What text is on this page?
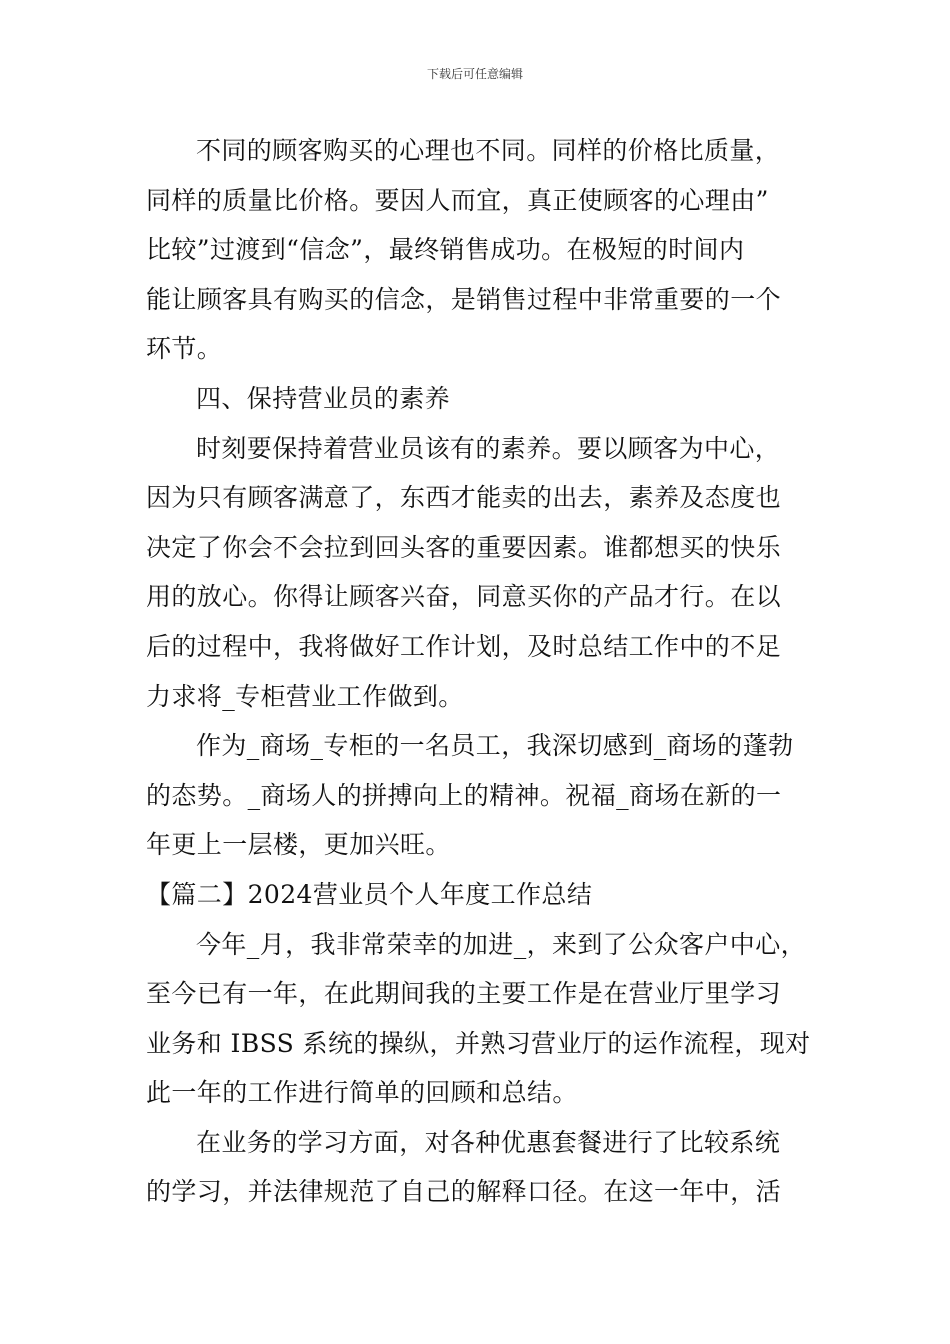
下载后可任意编辑
不同的顾客购买的心理也不同。同样的价格比质量，
同样的质量比价格。要因人而宜，真正使顾客的心理由”
比较”过渡到“信念”，最终销售成功。在极短的时间内
能让顾客具有购买的信念，是销售过程中非常重要的一个
环节。
四、保持营业员的素养
时刻要保持着营业员该有的素养。要以顾客为中心，
因为只有顾客满意了，东西才能卖的出去，素养及态度也
决定了你会不会拉到回头客的重要因素。谁都想买的快乐
用的放心。你得让顾客兴奋，同意买你的产品才行。在以
后的过程中，我将做好工作计划，及时总结工作中的不足
力求将_专柜营业工作做到。
作为_商场_专柜的一名员工，我深切感到_商场的蓬勃
的态势。_商场人的拼搏向上的精神。祝福_商场在新的一
年更上一层楼，更加兴旺。
【篇二】2024营业员个人年度工作总结
今年_月，我非常荣幸的加进_，来到了公众客户中心，
至今已有一年，在此期间我的主要工作是在营业厅里学习
业务和 IBSS 系统的操纵，并熟习营业厅的运作流程，现对
此一年的工作进行简单的回顾和总结。
在业务的学习方面，对各种优惠套餐进行了比较系统
的学习，并法律规范了自己的解释口径。在这一年中，活
